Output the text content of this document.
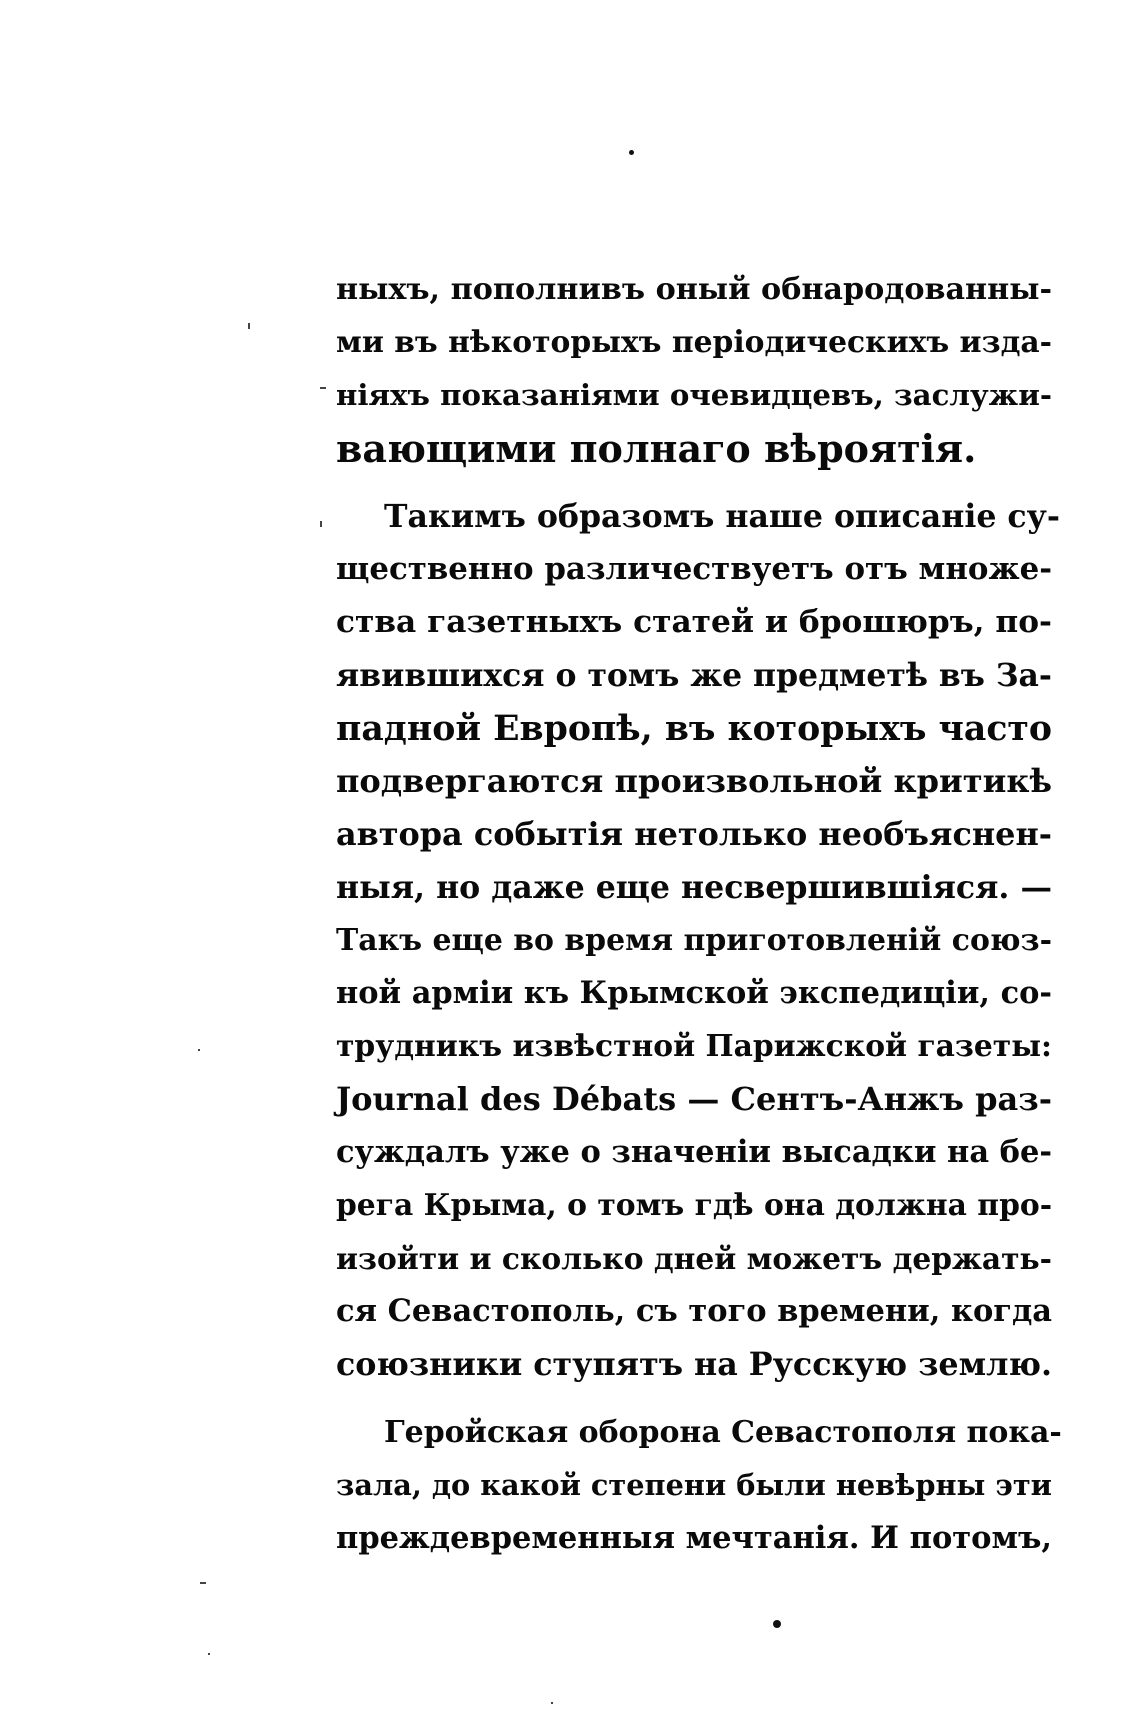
ныхъ, пополнивъ оный обнародованны-
ми въ нѣкоторыхъ періодическихъ изда-
ніяхъ показаніями очевидцевъ, заслужи-
вающими полнаго вѣроятія.
Такимъ образомъ наше описаніе су-
щественно различествуетъ отъ множе-
ства газетныхъ статей и брошюръ, по-
явившихся о томъ же предметѣ въ За-
падной Европѣ, въ которыхъ часто
подвергаются произвольной критикѣ
автора событія нетолько необъяснен-
ныя, но даже еще несвершившіяся. —
Такъ еще во время приготовленій союз-
ной арміи къ Крымской экспедиціи, со-
трудникъ извѣстной Парижской газеты:
Journal des Débats — Сентъ-Анжъ раз-
суждалъ уже о значеніи высадки на бе-
рега Крыма, о томъ гдѣ она должна про-
изойти и сколько дней можетъ держать-
ся Севастополь, съ того времени, когда
союзники ступятъ на Русскую землю.
Геройская оборона Севастополя пока-
зала, до какой степени были невѣрны эти
преждевременныя мечтанія. И потомъ,
